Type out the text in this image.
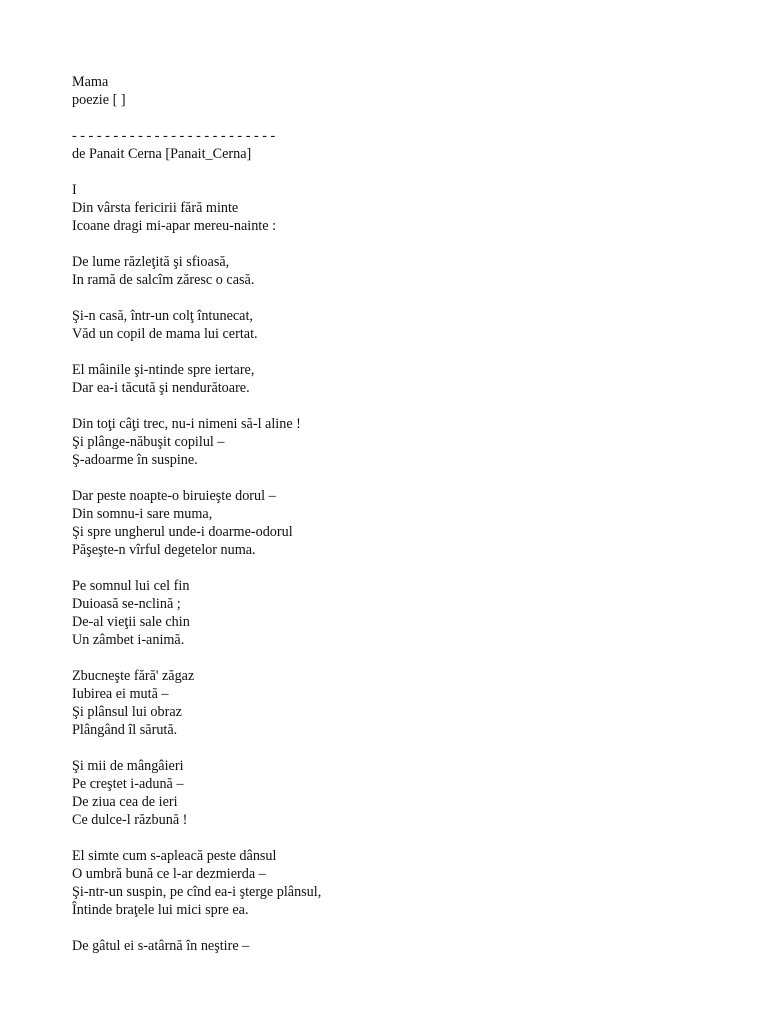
Mama
poezie [ ]
- - - - - - - - - - - - - - - - - - - - - - - - -
de Panait Cerna [Panait_Cerna]
I
Din vârsta fericirii fără minte
Icoane dragi mi-apar mereu-nainte :
De lume răzleţită şi sfioasă,
In ramă de salcîm zăresc o casă.
Şi-n casă, într-un colţ întunecat,
Văd un copil de mama lui certat.
El mâinile şi-ntinde spre iertare,
Dar ea-i tăcută şi nendurătoare.
Din toţi câţi trec, nu-i nimeni să-l aline !
Şi plânge-năbuşit copilul –
Ş-adoarme în suspine.
Dar peste noapte-o biruieşte dorul –
Din somnu-i sare muma,
Şi spre ungherul unde-i doarme-odorul
Păşeşte-n vîrful degetelor numa.
Pe somnul lui cel fin
Duioasă se-nclină ;
De-al vieţii sale chin
Un zâmbet i-animă.
Zbucneşte fără' zăgaz
Iubirea ei mută –
Şi plânsul lui obraz
Plângând îl sărută.
Şi mii de mângâieri
Pe creştet i-adună –
De ziua cea de ieri
Ce dulce-l răzbună !
El simte cum s-apleacă peste dânsul
O umbră bună ce l-ar dezmierda –
Şi-ntr-un suspin, pe cînd ea-i şterge plânsul,
Întinde braţele lui mici spre ea.
De gâtul ei s-atârnă în neştire –
